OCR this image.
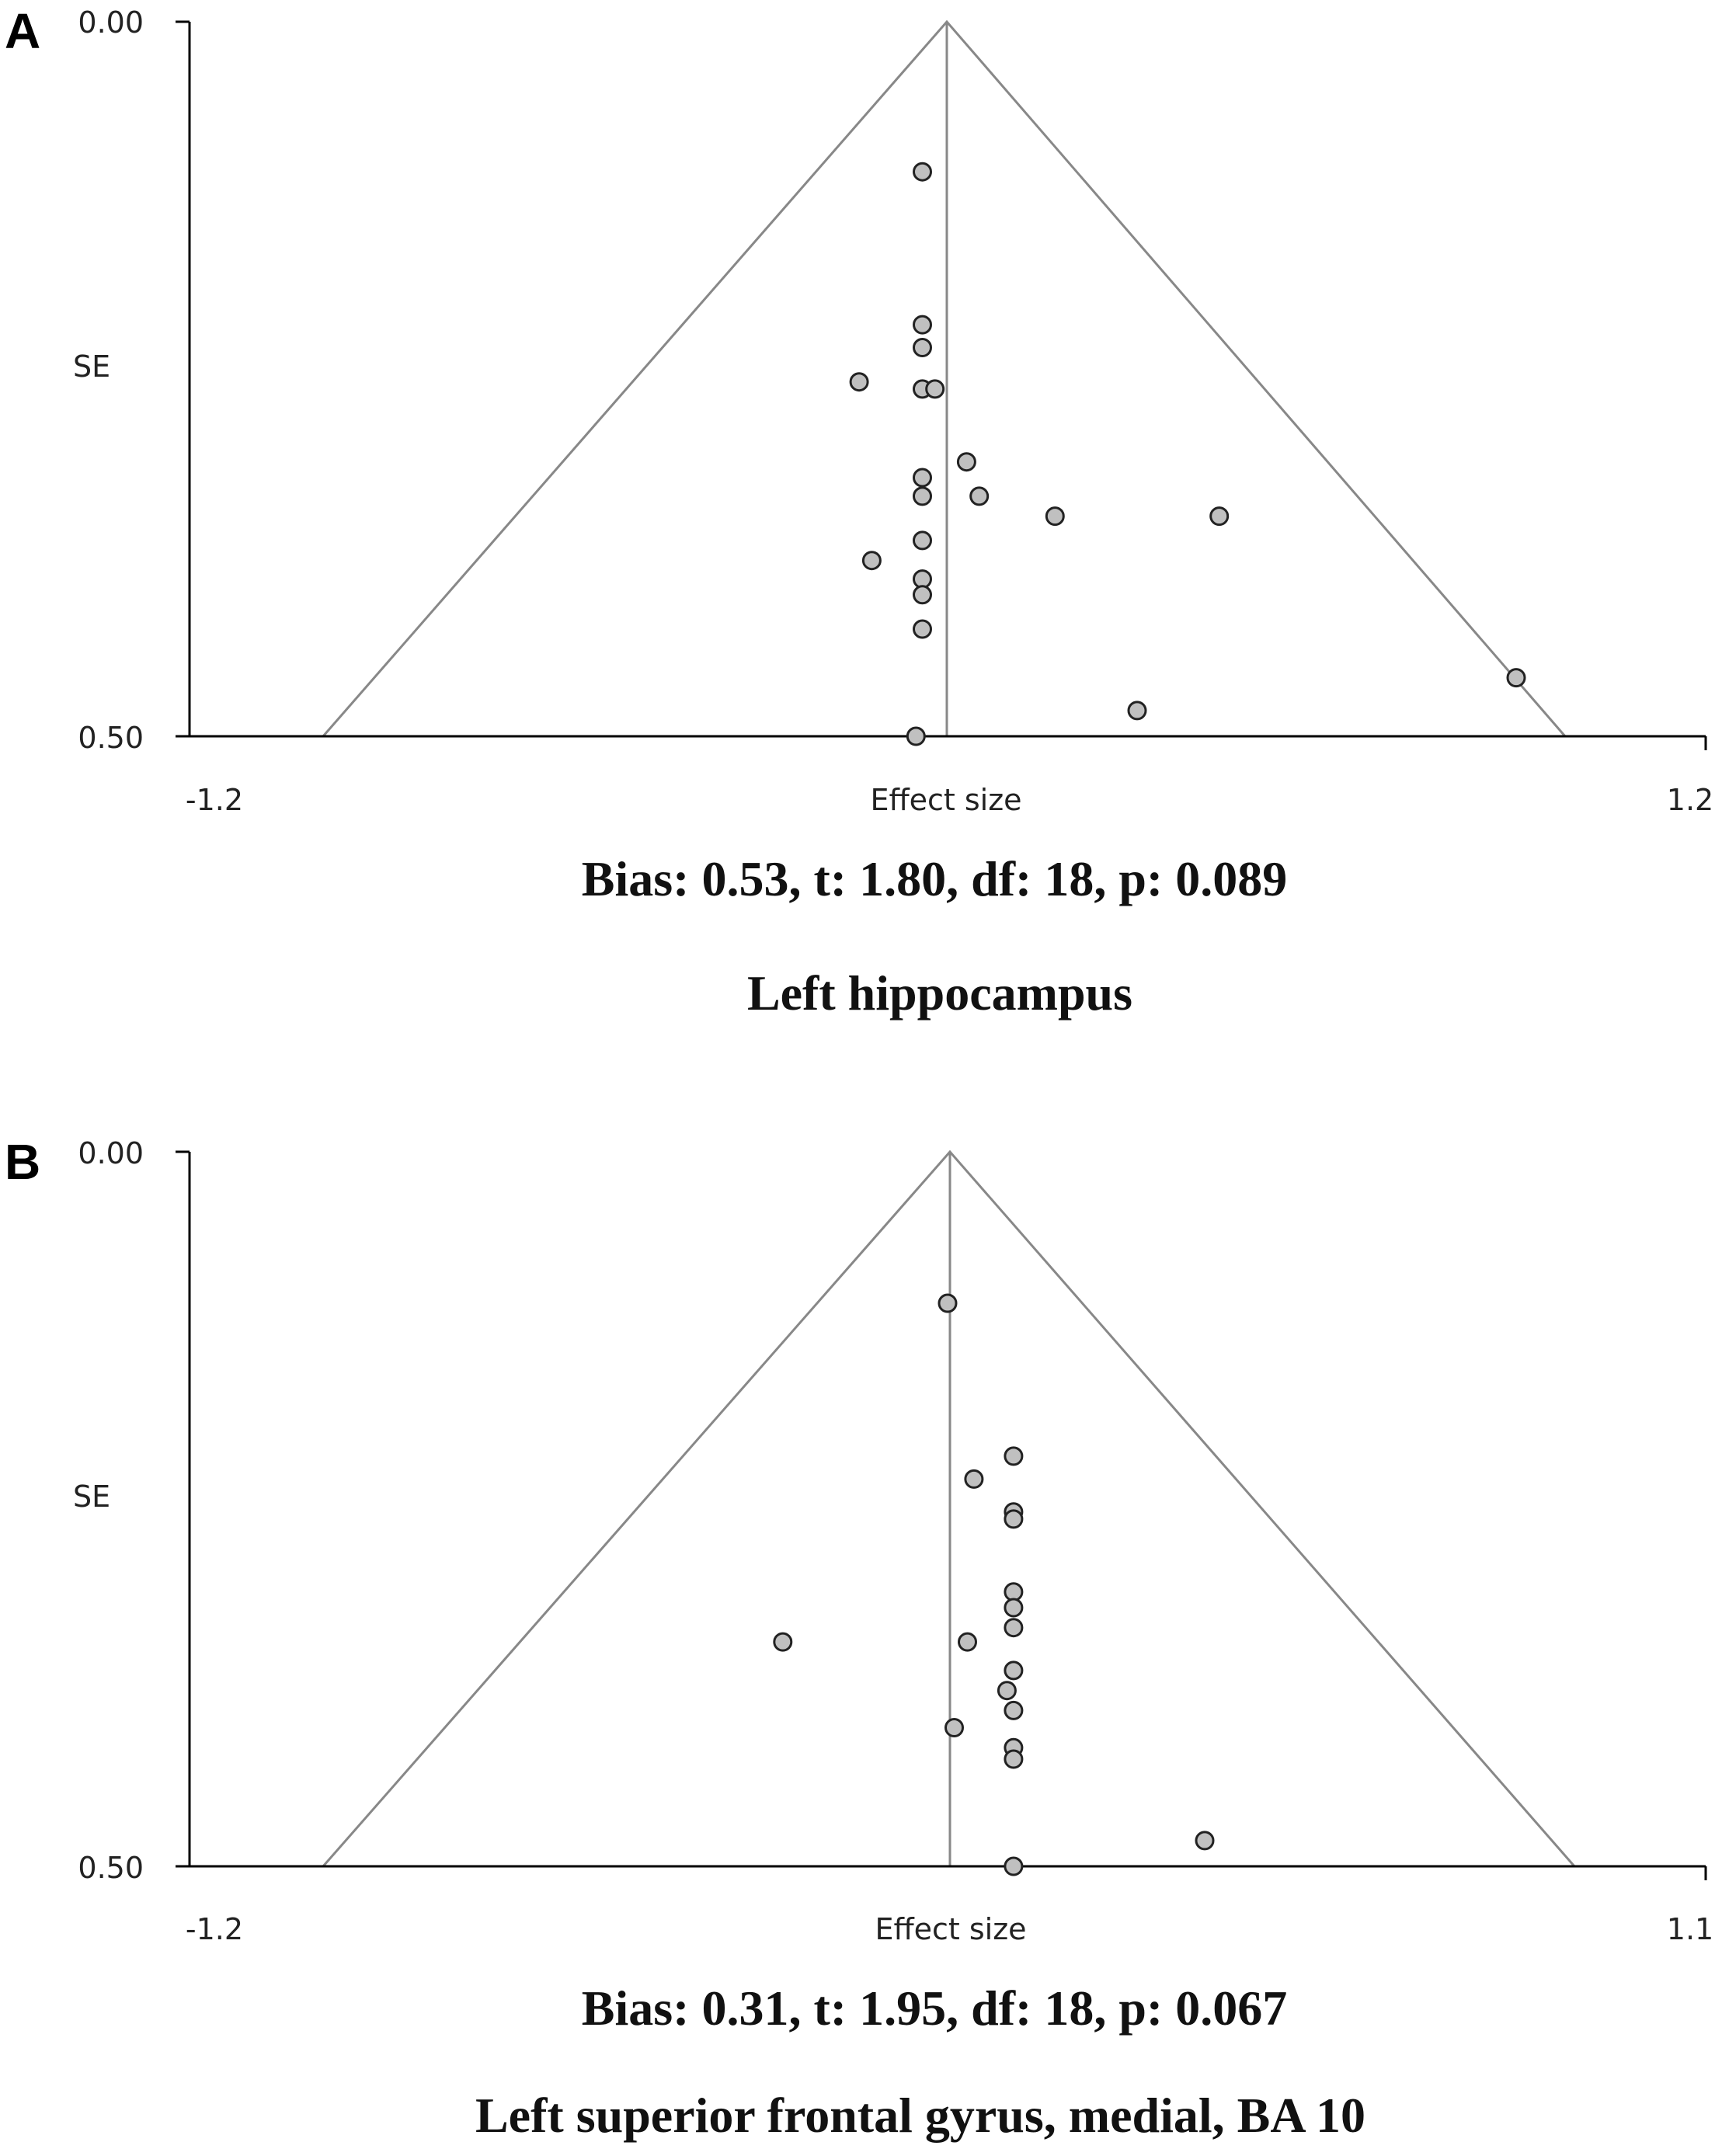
A 0.00
0.50
SE
-1.2	1.2
Effect size
Bias: 0.53, t: 1.80, df: 18, p: 0.089
Left hippocampus
B 0.00
0.50
SE
-1.2	1.1
Effect size
Bias: 0.31, t: 1.95, df: 18, p: 0.067
Left superior frontal gyrus, medial, BA 10
